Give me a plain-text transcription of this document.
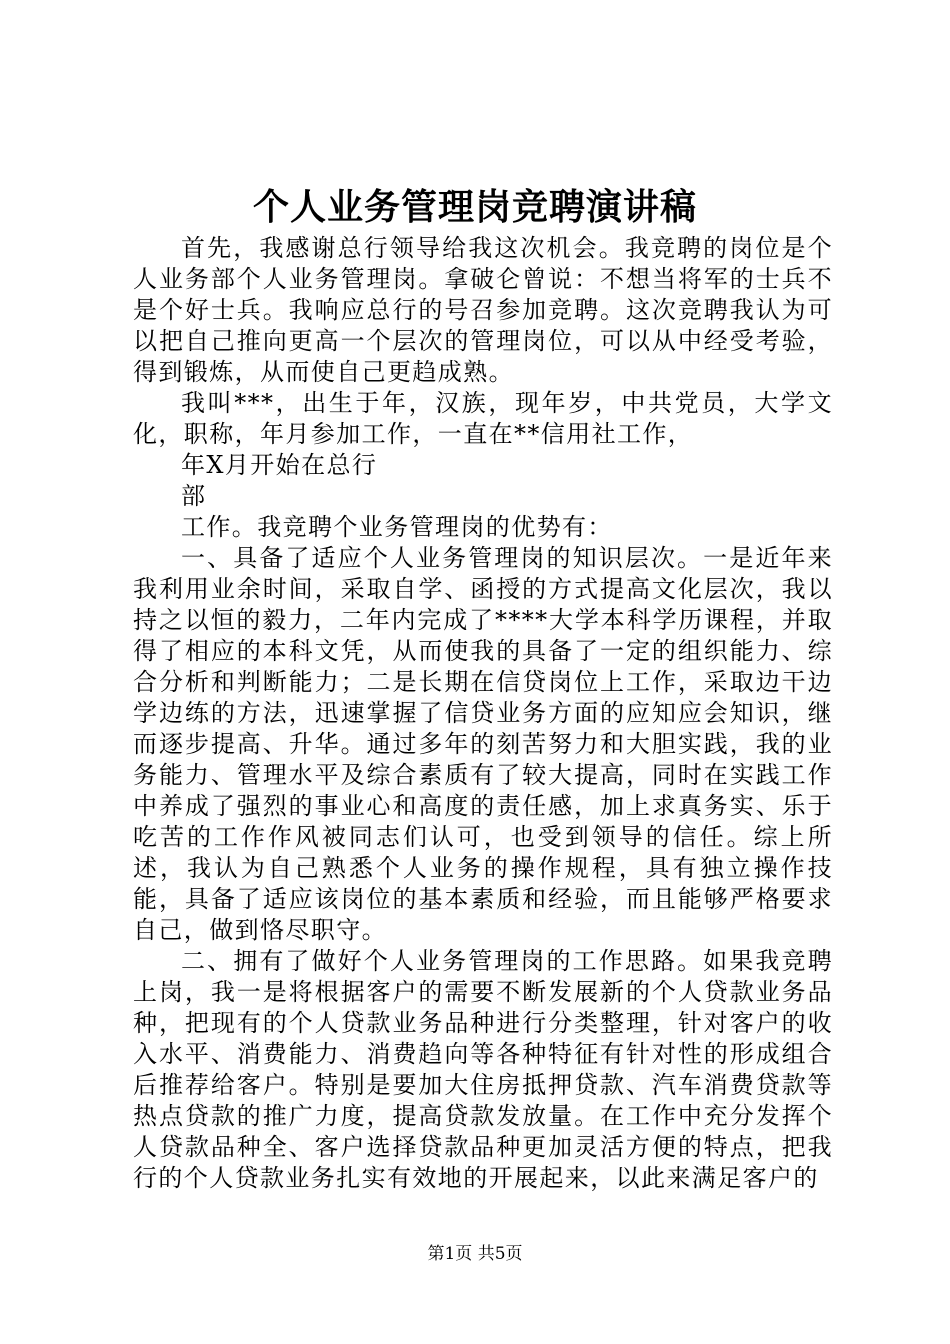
个人业务管理岗竞聘演讲稿

首先，我感谢总行领导给我这次机会。我竞聘的岗位是个人业务部个人业务管理岗。拿破仑曾说：不想当将军的士兵不是个好士兵。我响应总行的号召参加竞聘。这次竞聘我认为可以把自己推向更高一个层次的管理岗位，可以从中经受考验，得到锻炼，从而使自己更趋成熟。

我叫***，出生于年，汉族，现年岁，中共党员，大学文化，职称，年月参加工作，一直在**信用社工作，

年X月开始在总行

部

工作。我竞聘个业务管理岗的优势有：

一、具备了适应个人业务管理岗的知识层次。一是近年来我利用业余时间，采取自学、函授的方式提高文化层次，我以持之以恒的毅力，二年内完成了****大学本科学历课程，并取得了相应的本科文凭，从而使我的具备了一定的组织能力、综合分析和判断能力；二是长期在信贷岗位上工作，采取边干边学边练的方法，迅速掌握了信贷业务方面的应知应会知识，继而逐步提高、升华。通过多年的刻苦努力和大胆实践，我的业务能力、管理水平及综合素质有了较大提高，同时在实践工作中养成了强烈的事业心和高度的责任感，加上求真务实、乐于吃苦的工作作风被同志们认可，也受到领导的信任。综上所述，我认为自己熟悉个人业务的操作规程，具有独立操作技能，具备了适应该岗位的基本素质和经验，而且能够严格要求自己，做到恪尽职守。

二、拥有了做好个人业务管理岗的工作思路。如果我竞聘上岗，我一是将根据客户的需要不断发展新的个人贷款业务品种，把现有的个人贷款业务品种进行分类整理，针对客户的收入水平、消费能力、消费趋向等各种特征有针对性的形成组合后推荐给客户。特别是要加大住房抵押贷款、汽车消费贷款等热点贷款的推广力度，提高贷款发放量。在工作中充分发挥个人贷款品种全、客户选择贷款品种更加灵活方便的特点，把我行的个人贷款业务扎实有效地的开展起来，以此来满足客户的

第1页 共5页
